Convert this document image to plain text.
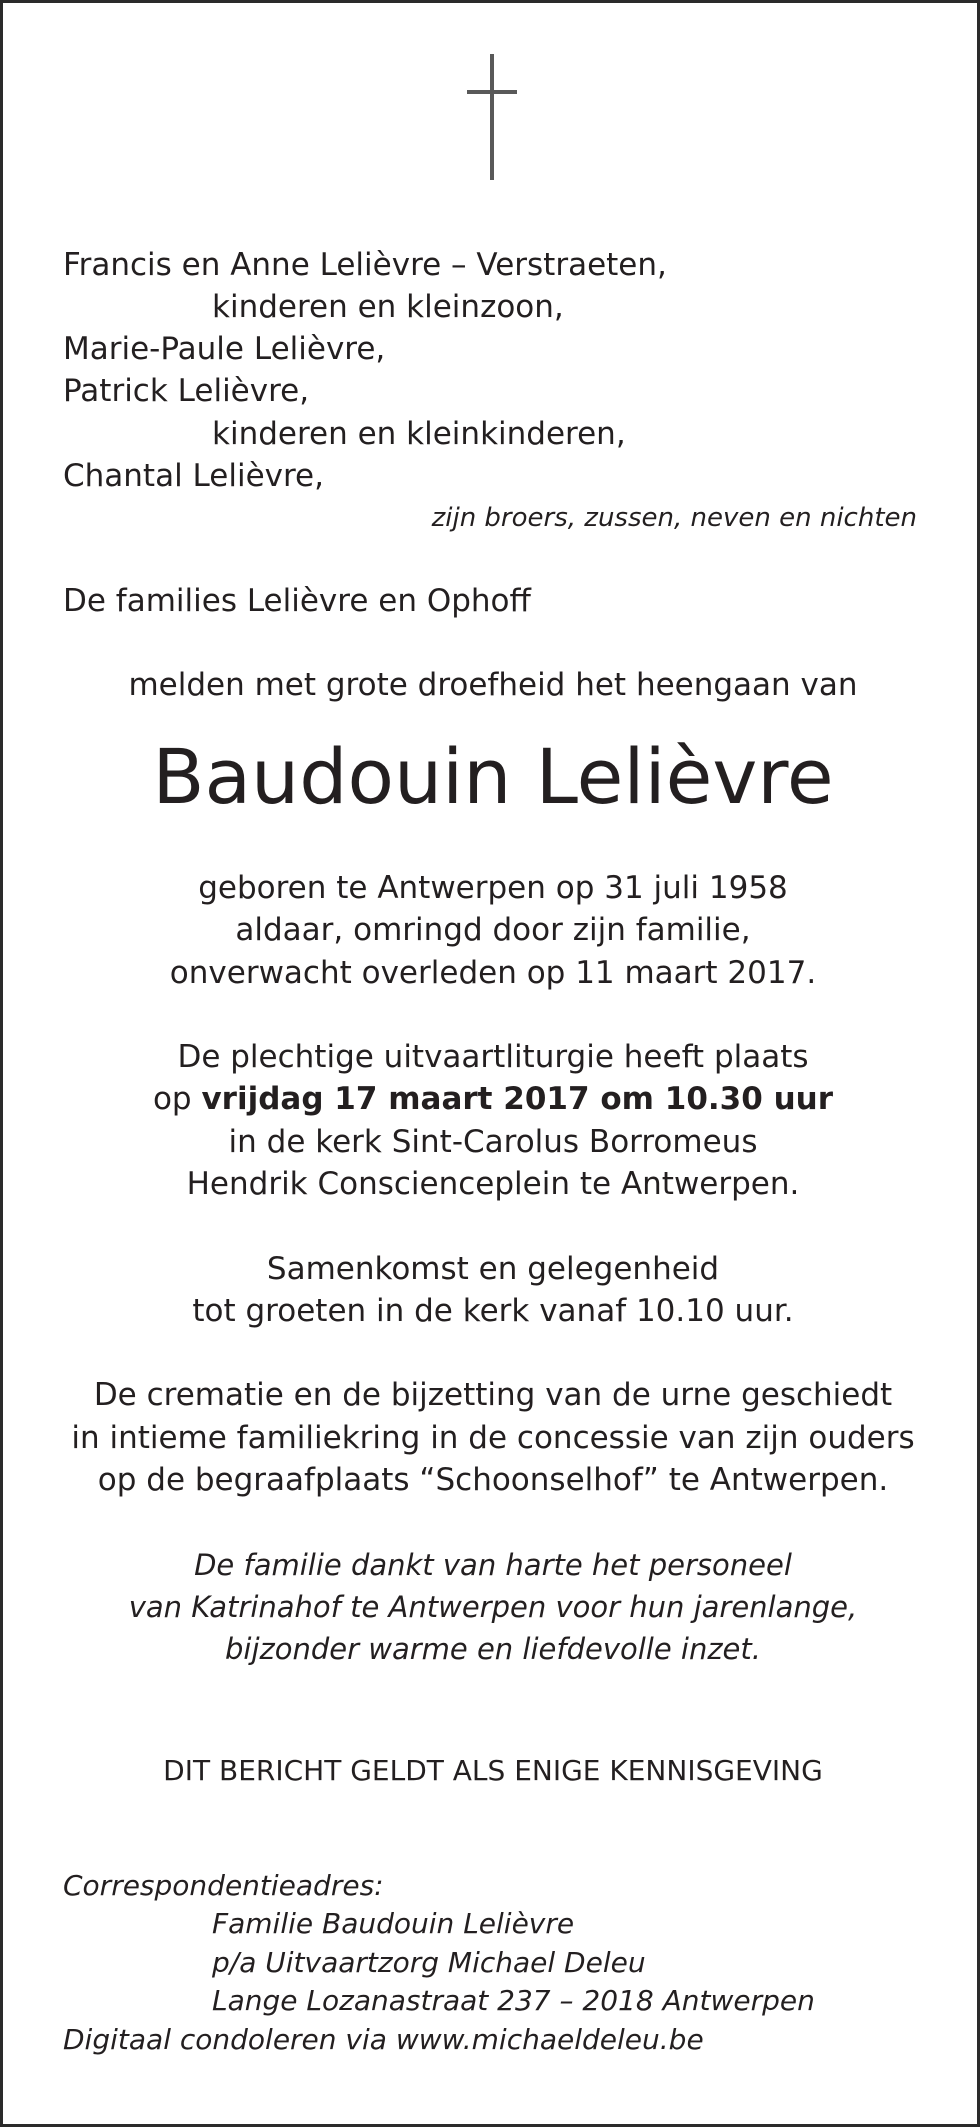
Francis en Anne Lelièvre – Verstraeten,

kinderen en kleinzoon,

Marie-Paule Lelièvre,

Patrick Lelièvre,

kinderen en kleinkinderen,

Chantal Lelièvre,

zijn broers, zussen, neven en nichten

De families Lelièvre en Ophoff

melden met grote droefheid het heengaan van

Baudouin Lelièvre

geboren te Antwerpen op 31 juli 1958

aldaar, omringd door zijn familie,

onverwacht overleden op 11 maart 2017.

De plechtige uitvaartliturgie heeft plaats

op vrijdag 17 maart 2017 om 10.30 uur

in de kerk Sint-Carolus Borromeus

Hendrik Conscienceplein te Antwerpen.

Samenkomst en gelegenheid

tot groeten in de kerk vanaf 10.10 uur.

De crematie en de bijzetting van de urne geschiedt

in intieme familiekring in de concessie van zijn ouders

op de begraafplaats “Schoonselhof” te Antwerpen.

De familie dankt van harte het personeel

van Katrinahof te Antwerpen voor hun jarenlange,

bijzonder warme en liefdevolle inzet.

DIT BERICHT GELDT ALS ENIGE KENNISGEVING

Correspondentieadres:

Familie Baudouin Lelièvre

p/a Uitvaartzorg Michael Deleu

Lange Lozanastraat 237 – 2018 Antwerpen

Digitaal condoleren via www.michaeldeleu.be
